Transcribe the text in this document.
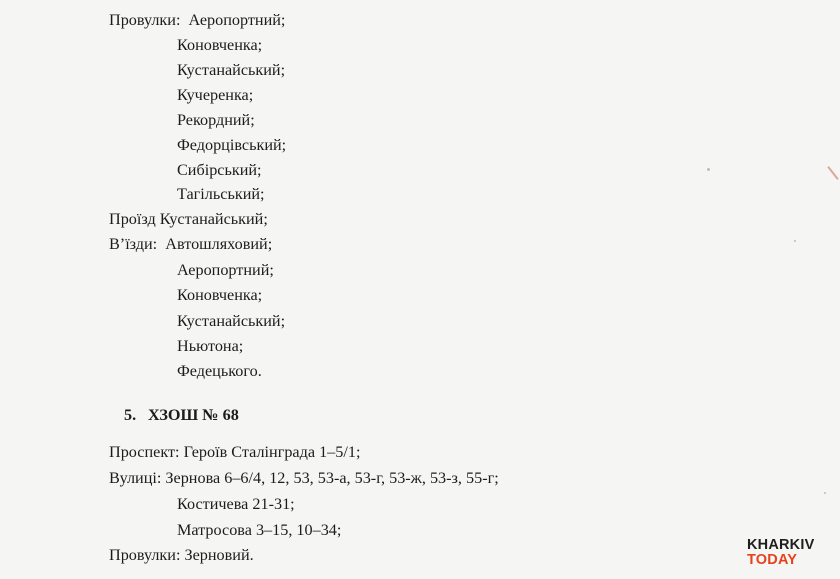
Провулки: Аеропортний;
Коновченка;
Кустанайський;
Кучеренка;
Рекордний;
Федорцівський;
Сибірський;
Тагільський;
Проїзд Кустанайський;
В’їзди: Автошляховий;
Аеропортний;
Коновченка;
Кустанайський;
Ньютона;
Федецького.
5. ХЗОШ № 68
Проспект: Героїв Сталінграда 1–5/1;
Вулиці: Зернова 6–6/4, 12, 53, 53-а, 53-г, 53-ж, 53-з, 55-г;
Костичева 21-31;
Матросова 3–15, 10–34;
Провулки: Зерновий.
KHARKIV
TODAY
